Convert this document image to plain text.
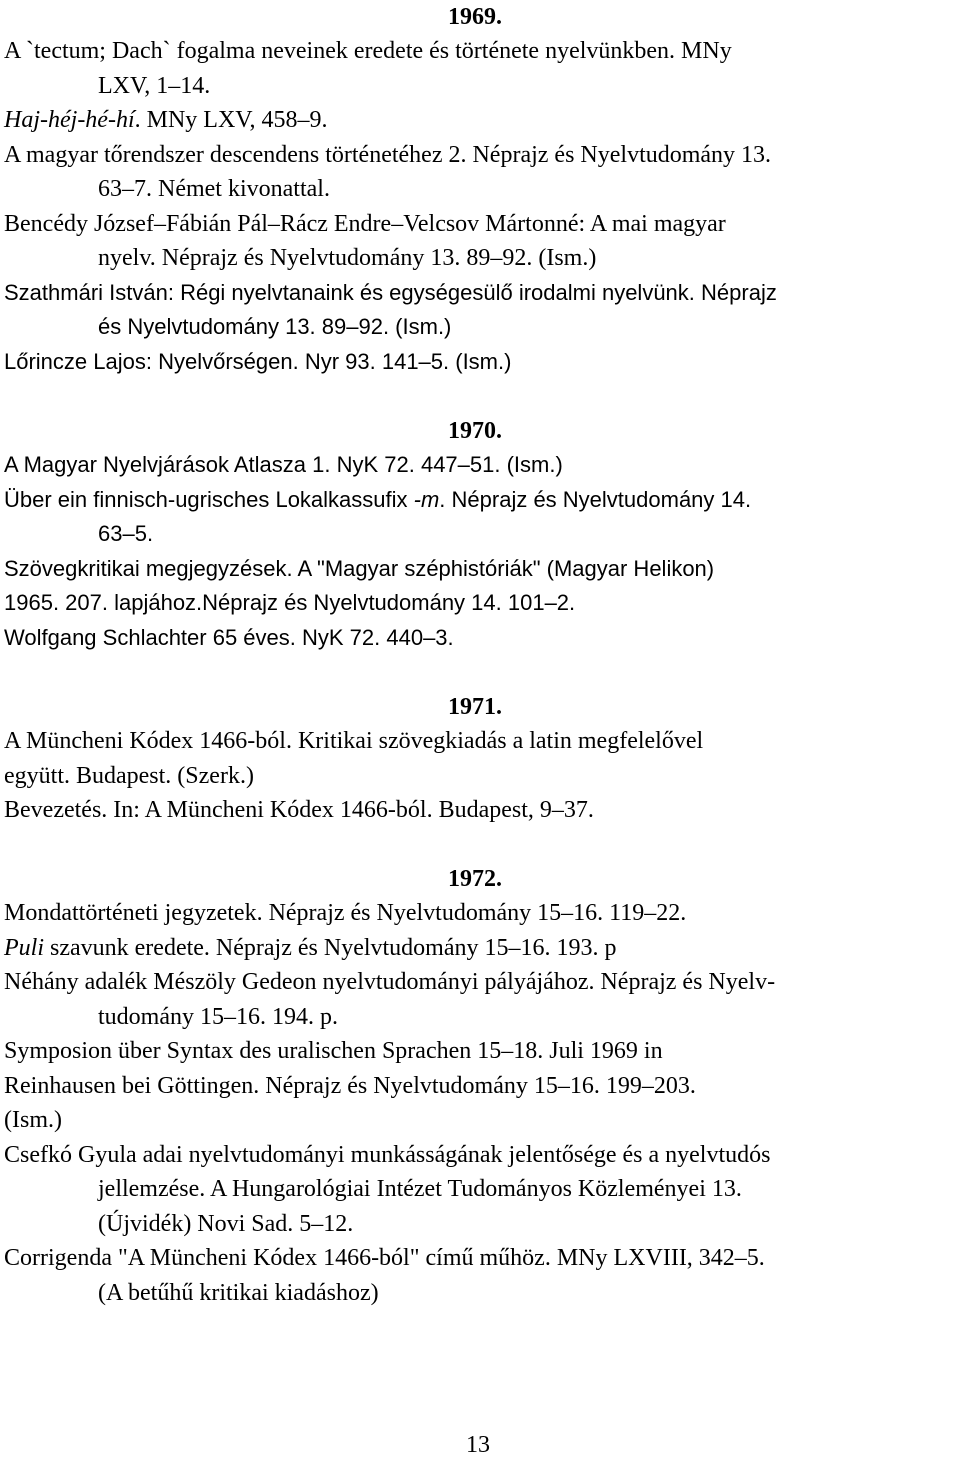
1969.
A `tectum; Dach` fogalma neveinek eredete és története nyelvünkben. MNy
LXV, 1–14.
Haj-héj-hé-hí. MNy LXV, 458–9.
A magyar tőrendszer descendens történetéhez 2. Néprajz és Nyelvtudomány 13.
63–7. Német kivonattal.
Bencédy József–Fábián Pál–Rácz Endre–Velcsov Mártonné: A mai magyar
nyelv. Néprajz és Nyelvtudomány 13. 89–92. (Ism.)
Szathmári István: Régi nyelvtanaink és egységesülő irodalmi nyelvünk. Néprajz
és Nyelvtudomány 13. 89–92. (Ism.)
Lőrincze Lajos: Nyelvőrségen. Nyr 93. 141–5. (Ism.)
1970.
A Magyar Nyelvjárások Atlasza 1. NyK 72. 447–51. (Ism.)
Über ein finnisch-ugrisches Lokalkassufix -m. Néprajz és Nyelvtudomány 14.
63–5.
Szövegkritikai megjegyzések. A "Magyar széphistóriák" (Magyar Helikon)
1965. 207. lapjához.Néprajz és Nyelvtudomány 14. 101–2.
Wolfgang Schlachter 65 éves. NyK 72. 440–3.
1971.
A Müncheni Kódex 1466-ból. Kritikai szövegkiadás a latin megfelelővel
együtt. Budapest. (Szerk.)
Bevezetés. In: A Müncheni Kódex 1466-ból. Budapest, 9–37.
1972.
Mondattörténeti jegyzetek. Néprajz és Nyelvtudomány 15–16. 119–22.
Puli szavunk eredete. Néprajz és Nyelvtudomány 15–16. 193. p
Néhány adalék Mészöly Gedeon nyelvtudományi pályájához. Néprajz és Nyelv-
tudomány 15–16. 194. p.
Symposion über Syntax des uralischen Sprachen 15–18. Juli 1969 in
Reinhausen bei Göttingen. Néprajz és Nyelvtudomány 15–16. 199–203.
(Ism.)
Csefkó Gyula adai nyelvtudományi munkásságának jelentősége és a nyelvtudós
jellemzése. A Hungarológiai Intézet Tudományos Közleményei 13.
(Újvidék) Novi Sad. 5–12.
Corrigenda "A Müncheni Kódex 1466-ból" című műhöz. MNy LXVIII, 342–5.
(A betűhű kritikai kiadáshoz)
13
